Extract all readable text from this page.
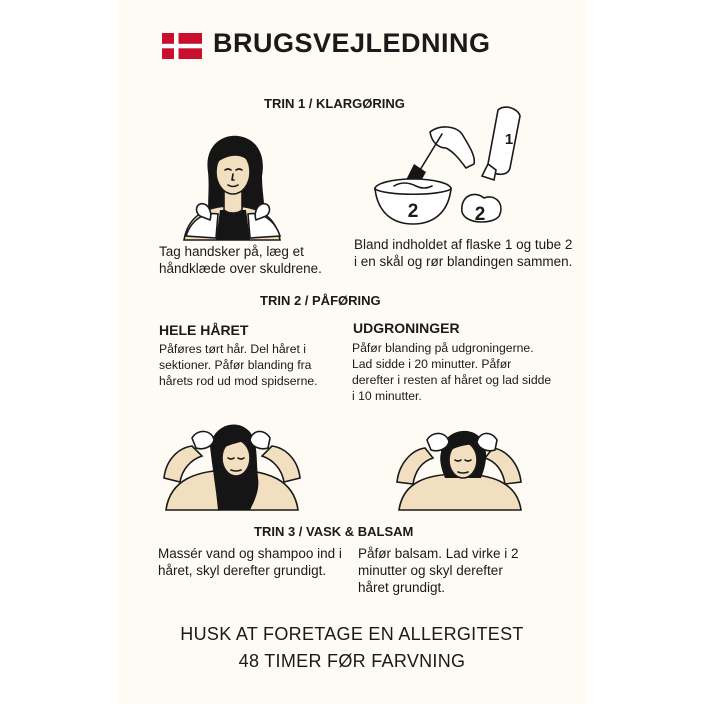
BRUGSVEJLEDNING
TRIN 1 / KLARGØRING
2
1
2
Tag handsker på, læg et håndklæde over skuldrene.
Bland indholdet af flaske 1 og tube 2 i en skål og rør blandingen sammen.
TRIN 2 / PÅFØRING
HELE HÅRET	UDGRONINGER
Påføres tørt hår. Del håret i sektioner. Påfør blanding fra hårets rod ud mod spidserne.
Påfør blanding på udgroningerne. Lad sidde i 20 minutter. Påfør derefter i resten af håret og lad sidde i 10 minutter.
TRIN 3 / VASK & BALSAM
Massér vand og shampoo ind i håret, skyl derefter grundigt.
Påfør balsam. Lad virke i 2 minutter og skyl derefter håret grundigt.
HUSK AT FORETAGE EN ALLERGITEST
48 TIMER FØR FARVNING
